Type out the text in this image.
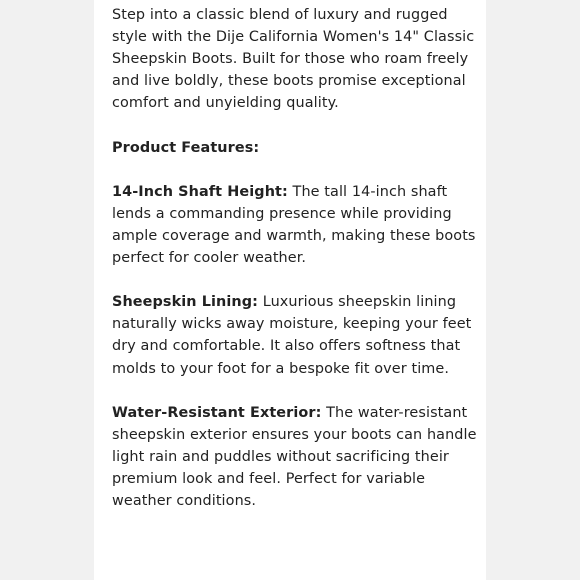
Step into a classic blend of luxury and rugged style with the Dije California Women's 14" Classic Sheepskin Boots. Built for those who roam freely and live boldly, these boots promise exceptional comfort and unyielding quality.

Product Features:

14-Inch Shaft Height: The tall 14-inch shaft lends a commanding presence while providing ample coverage and warmth, making these boots perfect for cooler weather.

Sheepskin Lining: Luxurious sheepskin lining naturally wicks away moisture, keeping your feet dry and comfortable. It also offers softness that molds to your foot for a bespoke fit over time.

Water-Resistant Exterior: The water-resistant sheepskin exterior ensures your boots can handle light rain and puddles without sacrificing their premium look and feel. Perfect for variable weather conditions.
